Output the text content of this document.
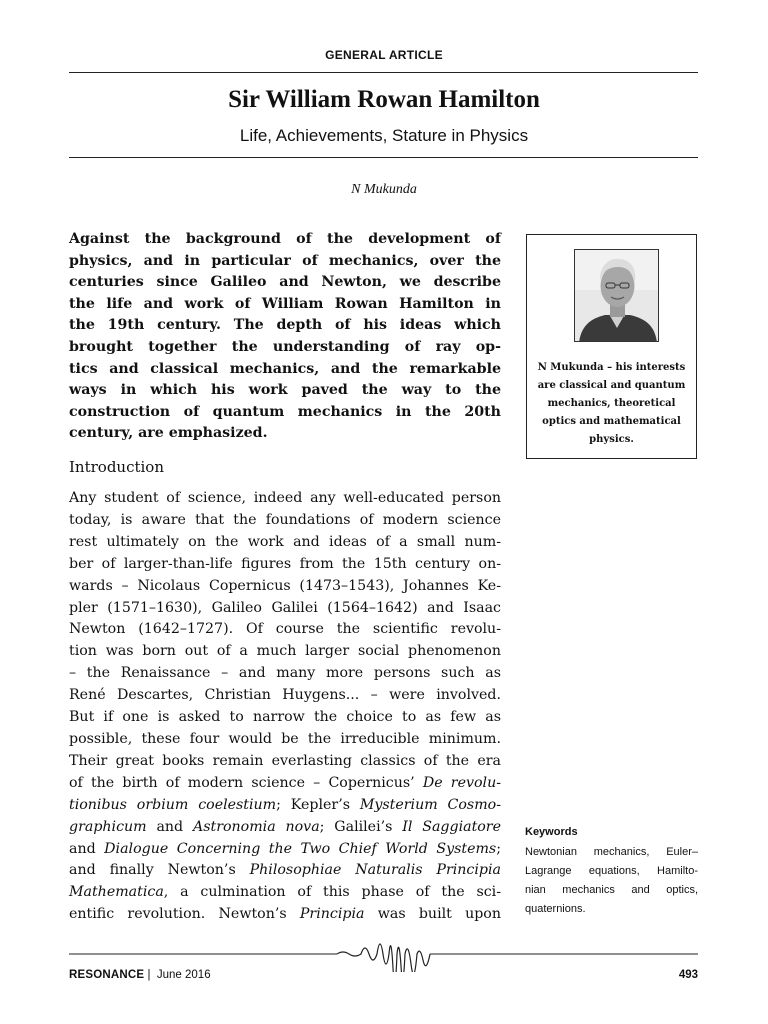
GENERAL ARTICLE
Sir William Rowan Hamilton
Life, Achievements, Stature in Physics
N Mukunda
Against the background of the development of
physics, and in particular of mechanics, over the
centuries since Galileo and Newton, we describe
the life and work of William Rowan Hamilton in
the 19th century. The depth of his ideas which
brought together the understanding of ray op-
tics and classical mechanics, and the remarkable
ways in which his work paved the way to the
construction of quantum mechanics in the 20th
century, are emphasized.
Introduction
Any student of science, indeed any well-educated person
today, is aware that the foundations of modern science
rest ultimately on the work and ideas of a small num-
ber of larger-than-life figures from the 15th century on-
wards – Nicolaus Copernicus (1473–1543), Johannes Ke-
pler (1571–1630), Galileo Galilei (1564–1642) and Isaac
Newton (1642–1727). Of course the scientific revolu-
tion was born out of a much larger social phenomenon
– the Renaissance – and many more persons such as
René Descartes, Christian Huygens... – were involved.
But if one is asked to narrow the choice to as few as
possible, these four would be the irreducible minimum.
Their great books remain everlasting classics of the era
of the birth of modern science – Copernicus’ De revolu-
tionibus orbium coelestium; Kepler’s Mysterium Cosmo-
graphicum and Astronomia nova; Galilei’s Il Saggiatore
and Dialogue Concerning the Two Chief World Systems;
and finally Newton’s Philosophiae Naturalis Principia
Mathematica, a culmination of this phase of the sci-
entific revolution. Newton’s Principia was built upon
N Mukunda – his interests are classical and quantum mechanics, theoretical optics and mathematical physics.
Keywords
Newtonian mechanics, Euler–
Lagrange equations, Hamilto-
nian mechanics and optics,
quaternions.
RESONANCE | June 2016	493
